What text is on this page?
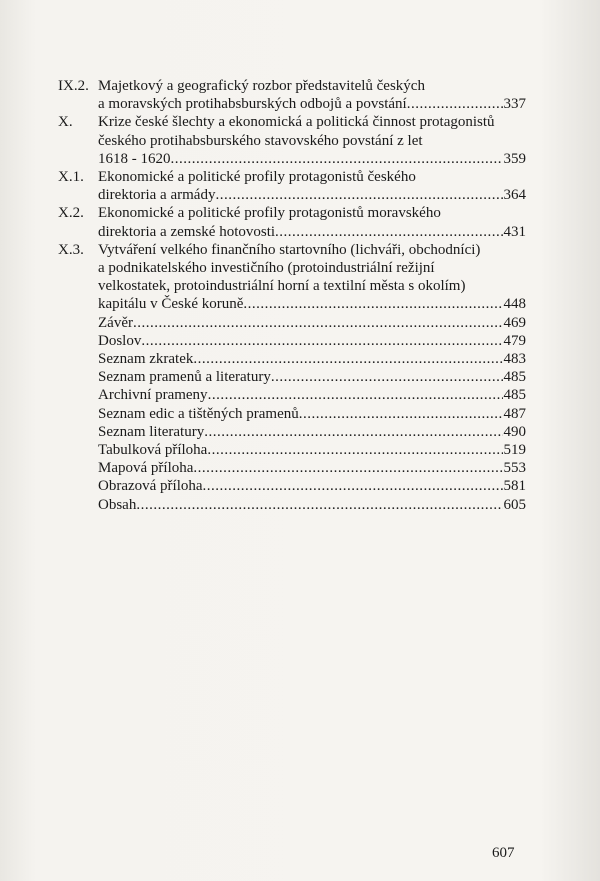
IX.2. Majetkový a geografický rozbor představitelů českých
a moravských protihabsburských odbojů a povstání .....	337
X.	Krize české šlechty a ekonomická a politická činnost protagonistů
českého protihabsburského stavovského povstání z let
1618 - 1620 .....	359
X.1. Ekonomické a politické profily protagonistů českého
direktoria a armády .....	364
X.2. Ekonomické a politické profily protagonistů moravského
direktoria a zemské hotovosti .....	431
X.3. Vytváření velkého finančního startovního (lichváři, obchodníci)
a podnikatelského investičního (protoindustriální režijní
velkostatek, protoindustriální horní a textilní města s okolím)
kapitálu v České koruně .....	448
Závěr .....	469
Doslov .....	479
Seznam zkratek .....	483
Seznam pramenů a literatury .....	485
Archivní prameny .....	485
Seznam edic a tištěných pramenů .....	487
Seznam literatury .....	490
Tabulková příloha .....	519
Mapová příloha .....	553
Obrazová příloha .....	581
Obsah .....	605
607
